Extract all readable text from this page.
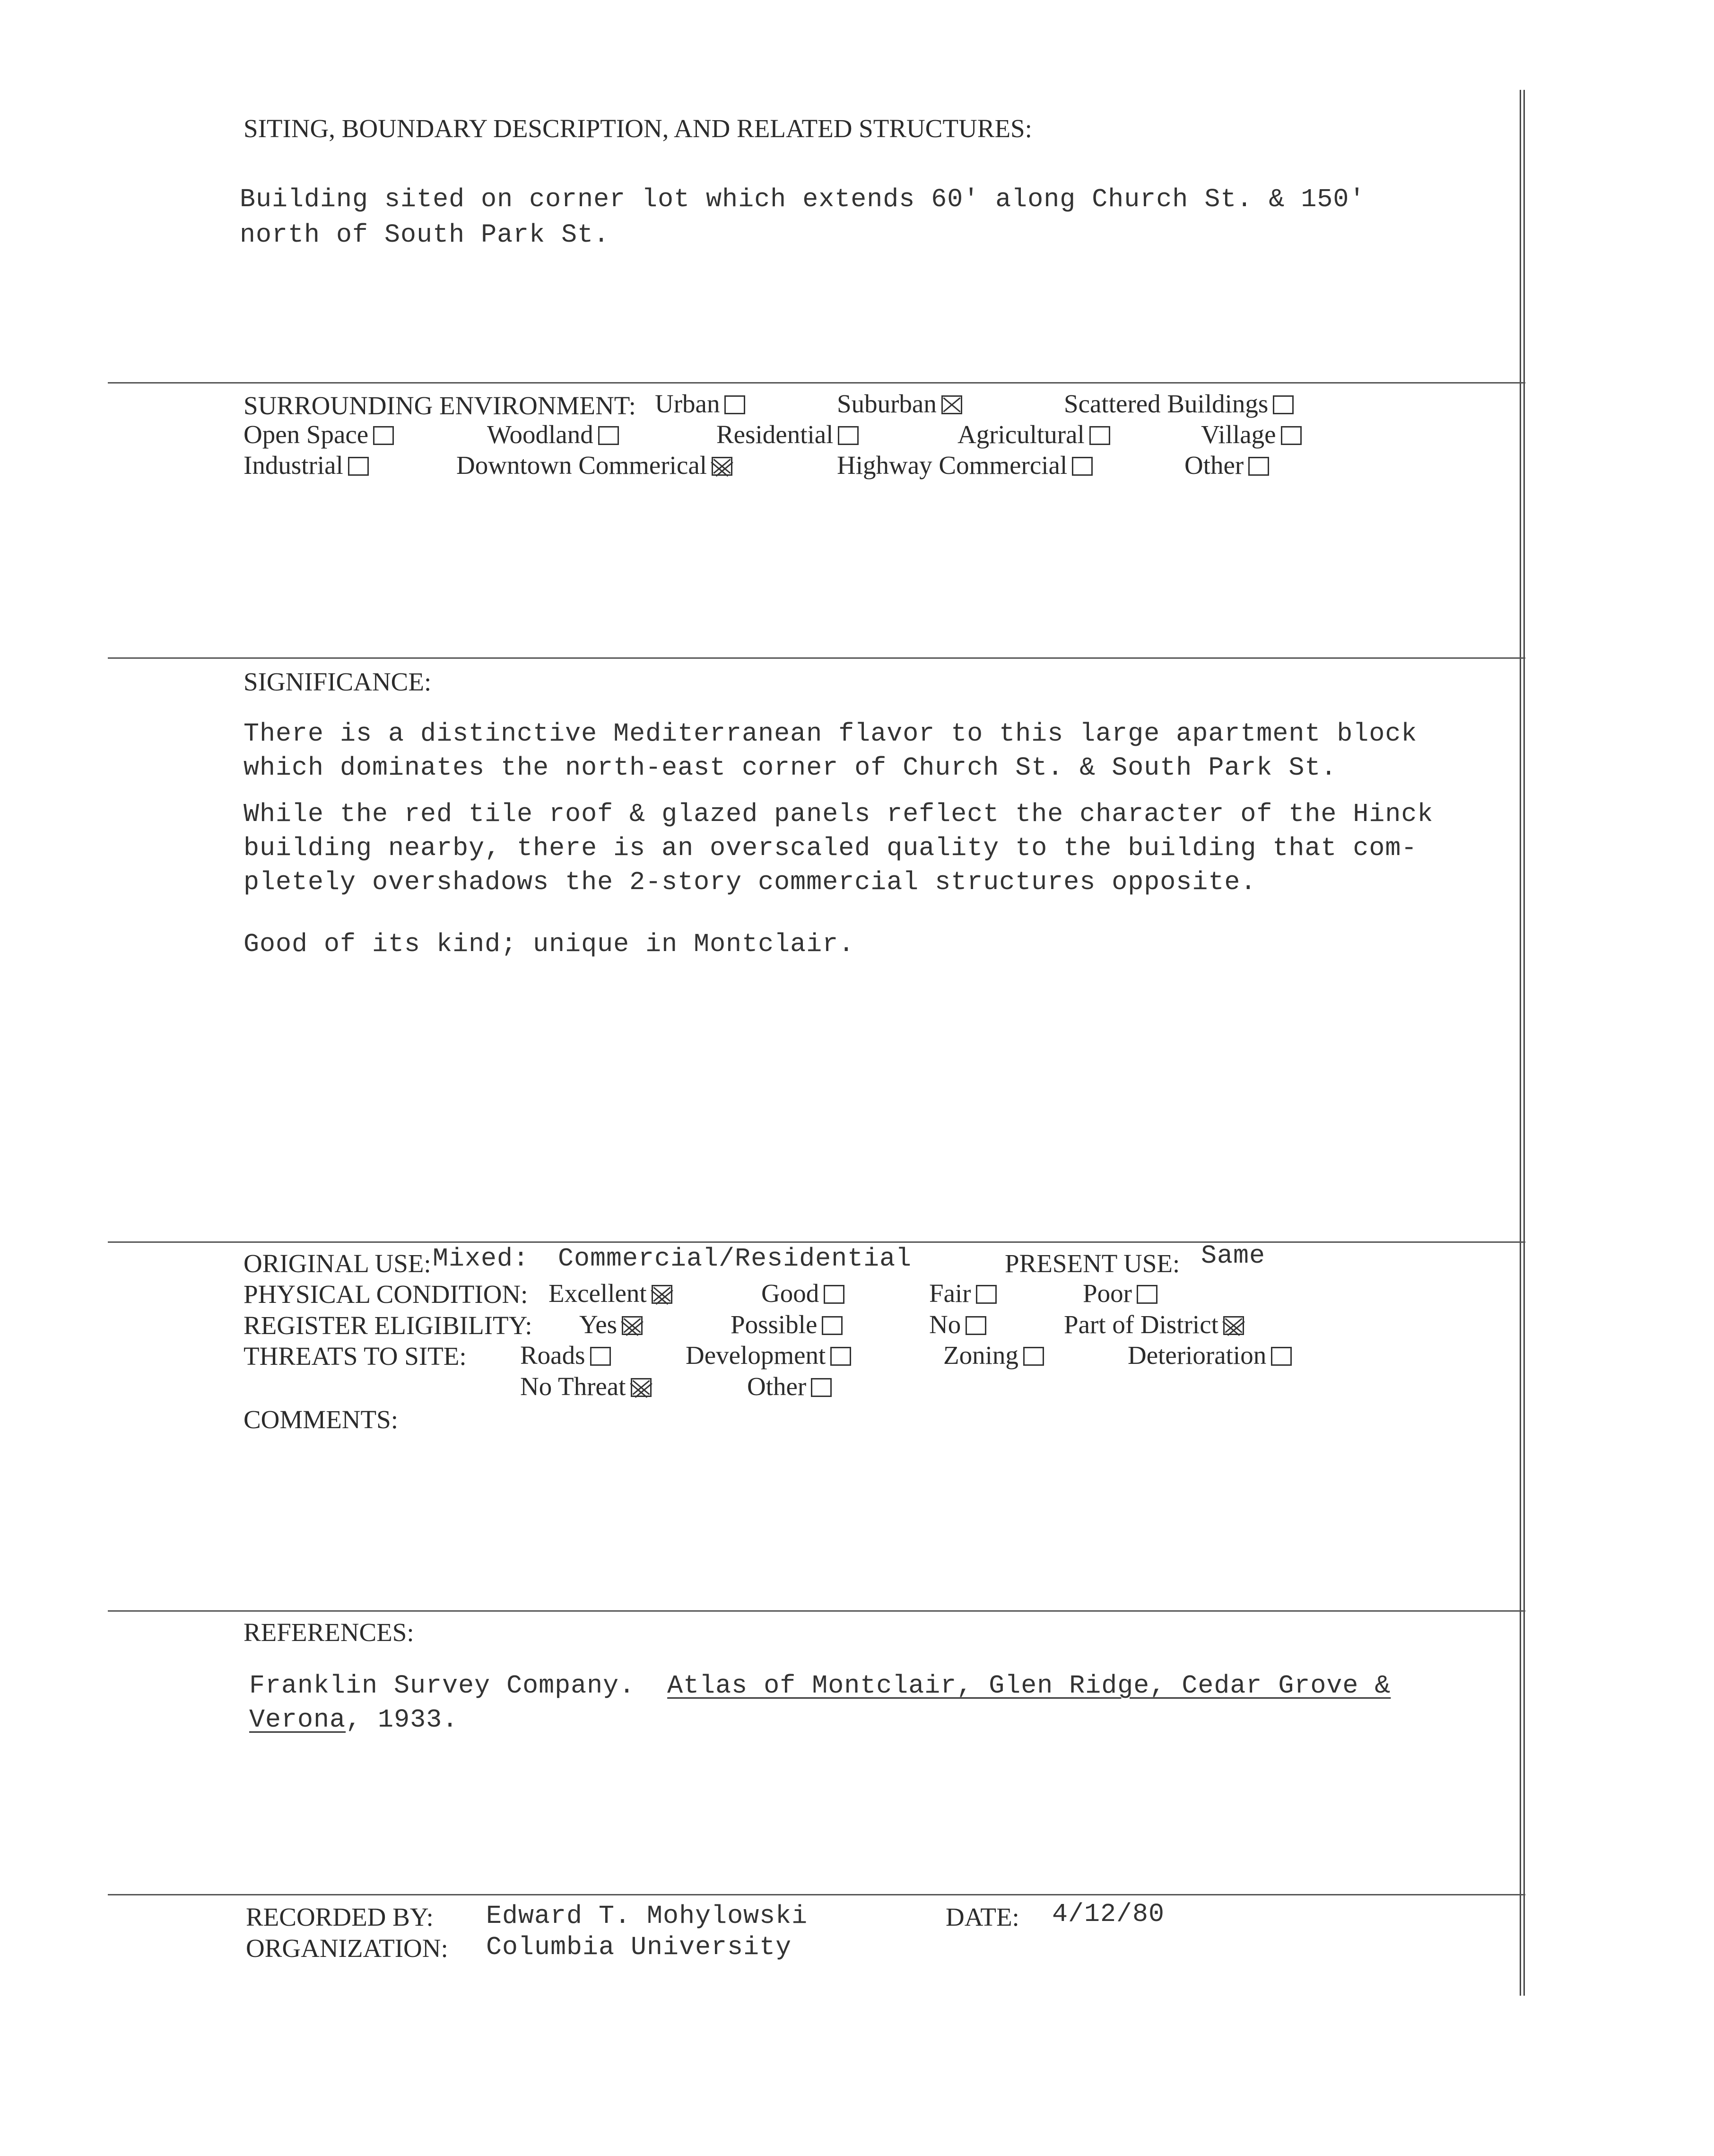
SITING, BOUNDARY DESCRIPTION, AND RELATED STRUCTURES:
Building sited on corner lot which extends 60' along Church St. & 150'
north of South Park St.
SURROUNDING ENVIRONMENT: Urban	Suburban	Scattered Buildings
Open Space	Woodland	Residential	Agricultural	Village
Industrial	Downtown Commerical	Highway Commercial	Other
SIGNIFICANCE:
There is a distinctive Mediterranean flavor to this large apartment block
which dominates the north-east corner of Church St. & South Park St.
While the red tile roof & glazed panels reflect the character of the Hinck
building nearby, there is an overscaled quality to the building that com-
pletely overshadows the 2-story commercial structures opposite.
Good of its kind; unique in Montclair.
ORIGINAL USE: Mixed: Commercial/Residential	PRESENT USE: Same
PHYSICAL CONDITION: Excellent	Good	Fair	Poor
REGISTER ELIGIBILITY: Yes	Possible	No	Part of District
THREATS TO SITE: Roads	Development	Zoning	Deterioration
No Threat	Other
COMMENTS:
REFERENCES:
Franklin Survey Company. Atlas of Montclair, Glen Ridge, Cedar Grove &
Verona, 1933.
RECORDED BY: Edward T. Mohylowski	DATE: 4/12/80
ORGANIZATION: Columbia University
